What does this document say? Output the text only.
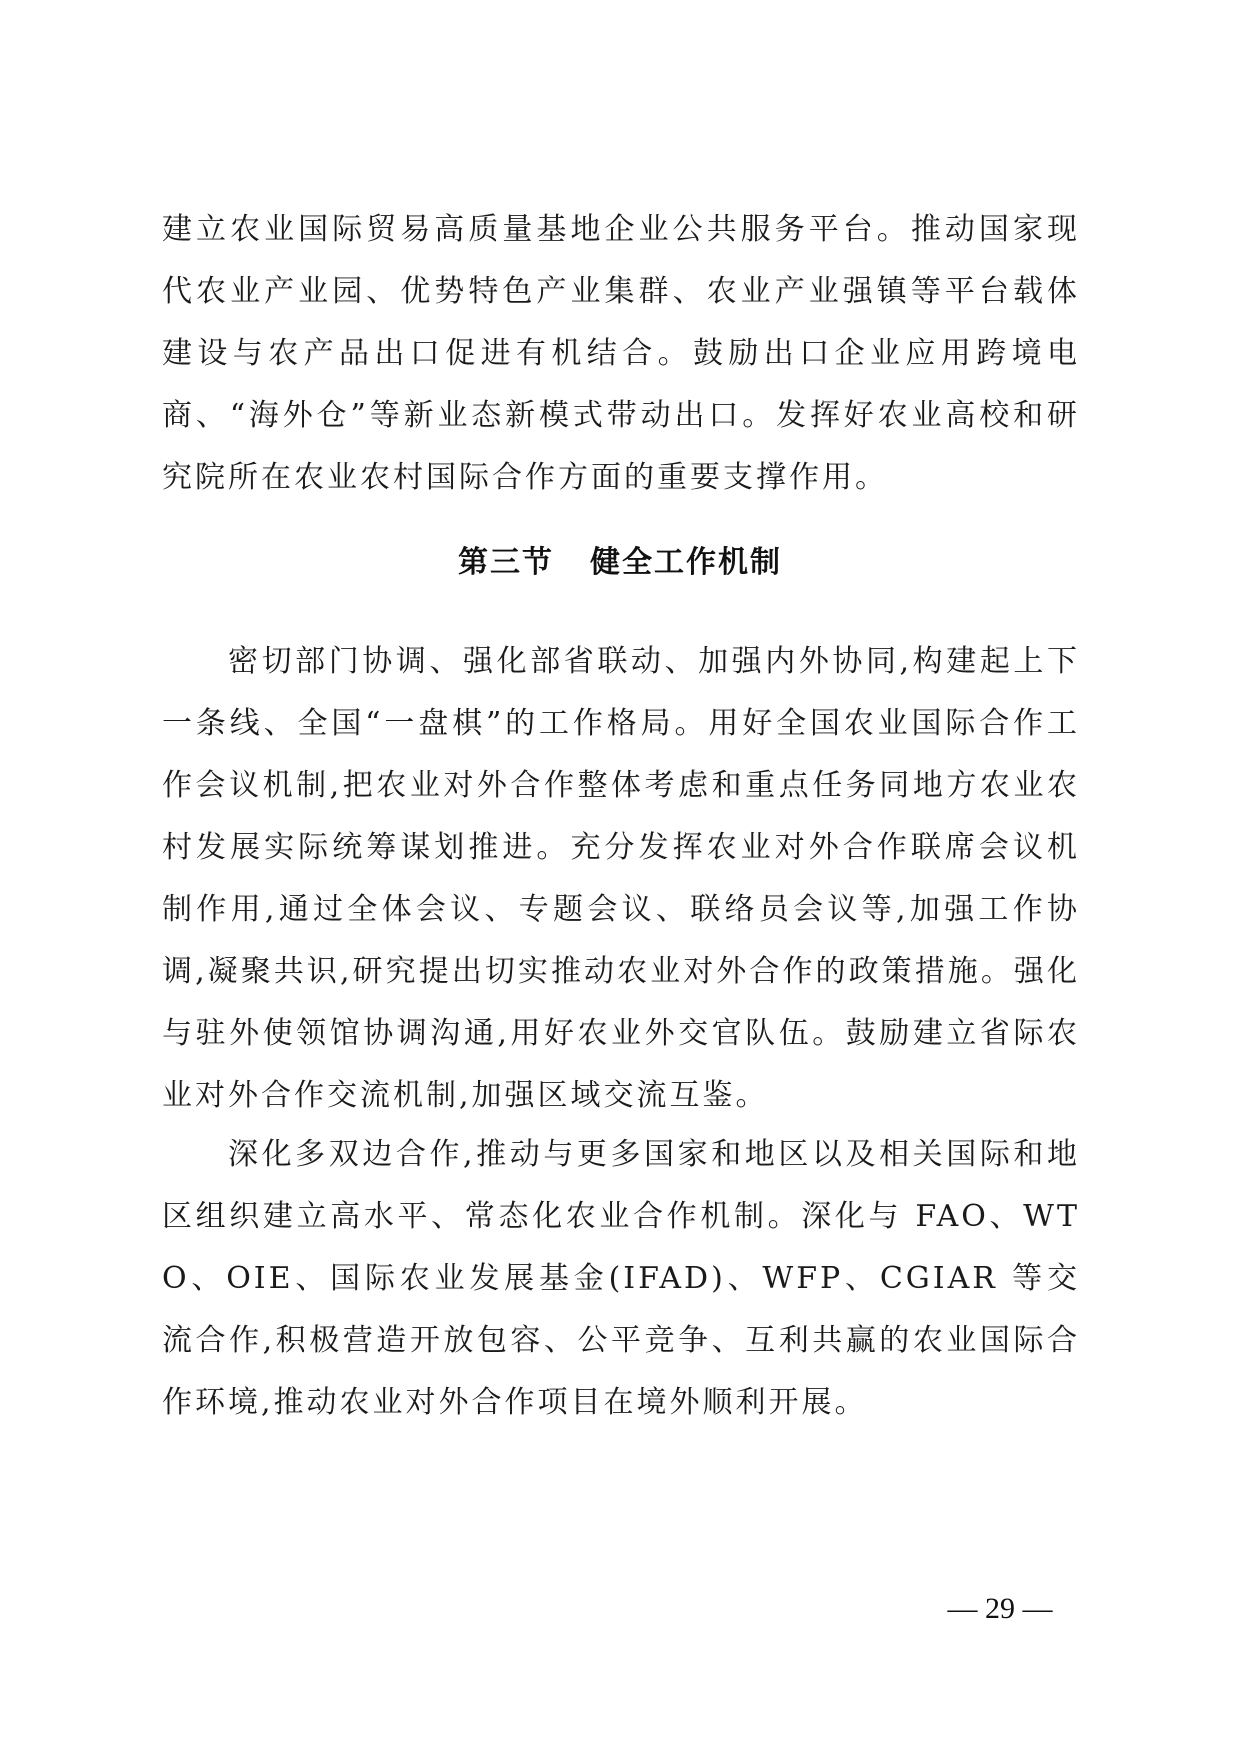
建立农业国际贸易高质量基地企业公共服务平台。推动国家现代农业产业园、优势特色产业集群、农业产业强镇等平台载体建设与农产品出口促进有机结合。鼓励出口企业应用跨境电商、“海外仓”等新业态新模式带动出口。发挥好农业高校和研究院所在农业农村国际合作方面的重要支撑作用。

第三节 健全工作机制

密切部门协调、强化部省联动、加强内外协同,构建起上下一条线、全国“一盘棋”的工作格局。用好全国农业国际合作工作会议机制,把农业对外合作整体考虑和重点任务同地方农业农村发展实际统筹谋划推进。充分发挥农业对外合作联席会议机制作用,通过全体会议、专题会议、联络员会议等,加强工作协调,凝聚共识,研究提出切实推动农业对外合作的政策措施。强化与驻外使领馆协调沟通,用好农业外交官队伍。鼓励建立省际农业对外合作交流机制,加强区域交流互鉴。

深化多双边合作,推动与更多国家和地区以及相关国际和地区组织建立高水平、常态化农业合作机制。深化与 FAO、WTO、OIE、国际农业发展基金(IFAD)、WFP、CGIAR 等交流合作,积极营造开放包容、公平竞争、互利共赢的农业国际合作环境,推动农业对外合作项目在境外顺利开展。

— 29 —
